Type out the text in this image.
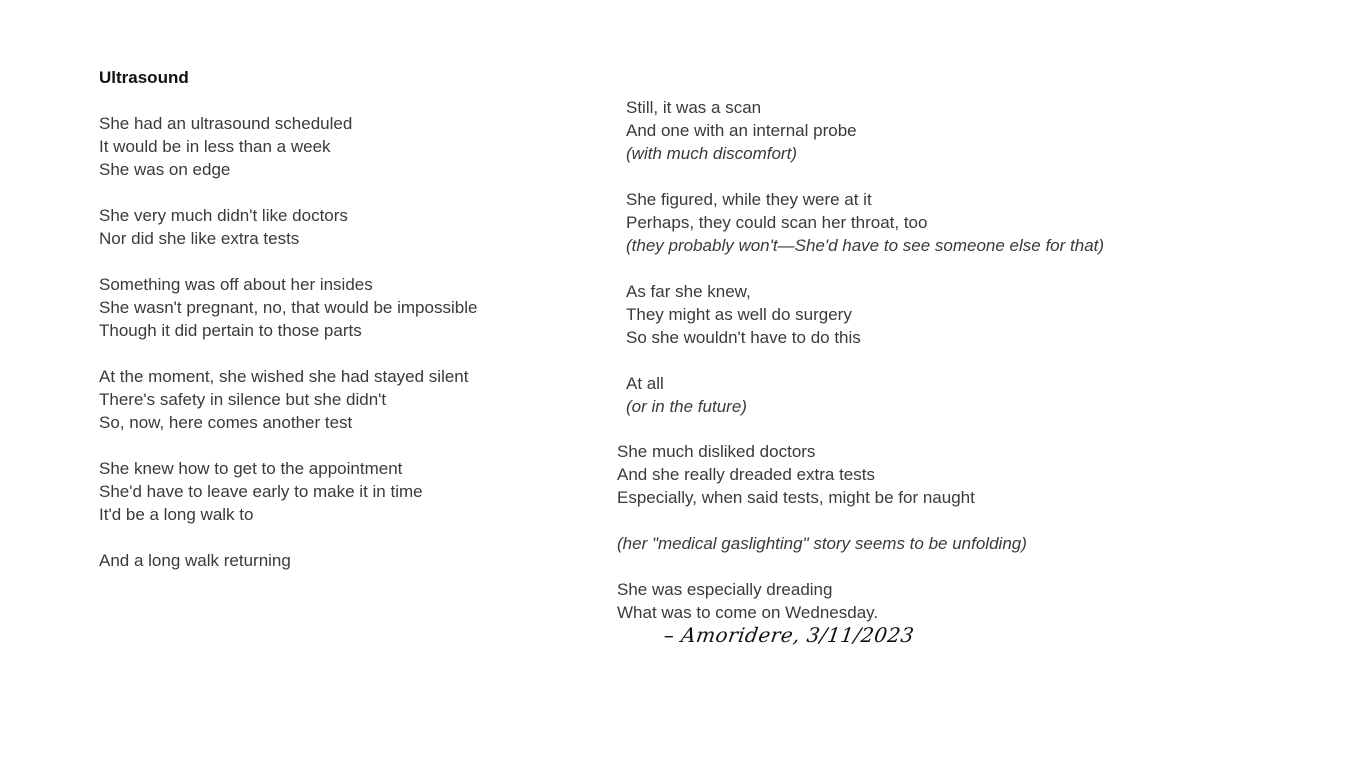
Ultrasound
She had an ultrasound scheduled
It would be in less than a week
She was on edge
She very much didn't like doctors
Nor did she like extra tests
Something was off about her insides
She wasn't pregnant, no, that would be impossible
Though it did pertain to those parts
At the moment, she wished she had stayed silent
There's safety in silence but she didn't
So, now, here comes another test
She knew how to get to the appointment
She'd have to leave early to make it in time
It'd be a long walk to
And a long walk returning
Still, it was a scan
And one with an internal probe
(with much discomfort)
She figured, while they were at it
Perhaps, they could scan her throat, too
(they probably won't—She'd have to see someone else for that)
As far she knew,
They might as well do surgery
So she wouldn't have to do this
At all
(or in the future)
She much disliked doctors
And she really dreaded extra tests
Especially, when said tests, might be for naught
(her "medical gaslighting" story seems to be unfolding)
She was especially dreading
What was to come on Wednesday.
– Amoridere, 3/11/2023
